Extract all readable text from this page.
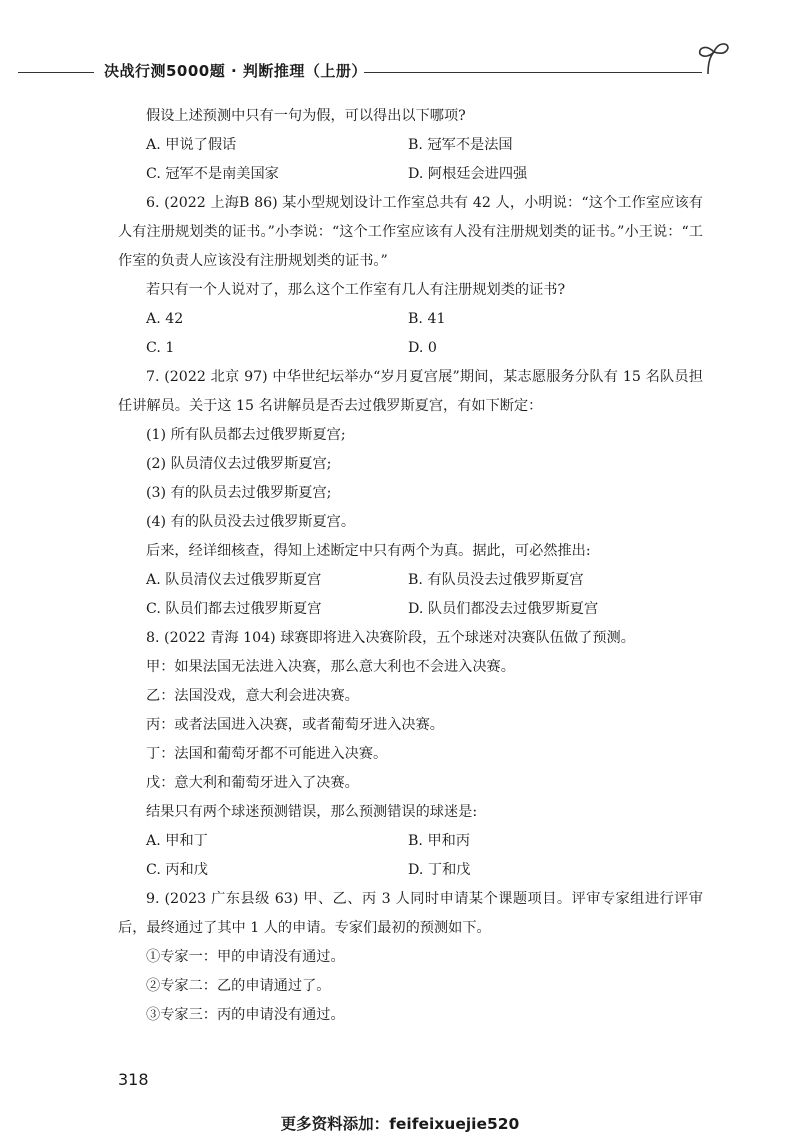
决战行测5000题 · 判断推理（上册）

假设上述预测中只有一句为假，可以得出以下哪项?

A. 甲说了假话	B. 冠军不是法国
C. 冠军不是南美国家	D. 阿根廷会进四强

6. (2022 上海B 86) 某小型规划设计工作室总共有 42 人，小明说：“这个工作室应该有人有注册规划类的证书。”小李说：“这个工作室应该有人没有注册规划类的证书。”小王说：“工作室的负责人应该没有注册规划类的证书。”

若只有一个人说对了，那么这个工作室有几人有注册规划类的证书?

A. 42	B. 41
C. 1	D. 0

7. (2022 北京 97) 中华世纪坛举办“岁月夏宫展”期间，某志愿服务分队有 15 名队员担任讲解员。关于这 15 名讲解员是否去过俄罗斯夏宫，有如下断定：

(1) 所有队员都去过俄罗斯夏宫;

(2) 队员清仪去过俄罗斯夏宫;

(3) 有的队员去过俄罗斯夏宫;

(4) 有的队员没去过俄罗斯夏宫。

后来，经详细核查，得知上述断定中只有两个为真。据此，可必然推出:

A. 队员清仪去过俄罗斯夏宫	B. 有队员没去过俄罗斯夏宫
C. 队员们都去过俄罗斯夏宫	D. 队员们都没去过俄罗斯夏宫

8. (2022 青海 104) 球赛即将进入决赛阶段，五个球迷对决赛队伍做了预测。

甲：如果法国无法进入决赛，那么意大利也不会进入决赛。

乙：法国没戏，意大利会进决赛。

丙：或者法国进入决赛，或者葡萄牙进入决赛。

丁：法国和葡萄牙都不可能进入决赛。

戊：意大利和葡萄牙进入了决赛。

结果只有两个球迷预测错误，那么预测错误的球迷是:

A. 甲和丁	B. 甲和丙
C. 丙和戊	D. 丁和戊

9. (2023 广东县级 63) 甲、乙、丙 3 人同时申请某个课题项目。评审专家组进行评审后，最终通过了其中 1 人的申请。专家们最初的预测如下。

①专家一：甲的申请没有通过。

②专家二：乙的申请通过了。

③专家三：丙的申请没有通过。

318
更多资料添加：feifeixuejie520
